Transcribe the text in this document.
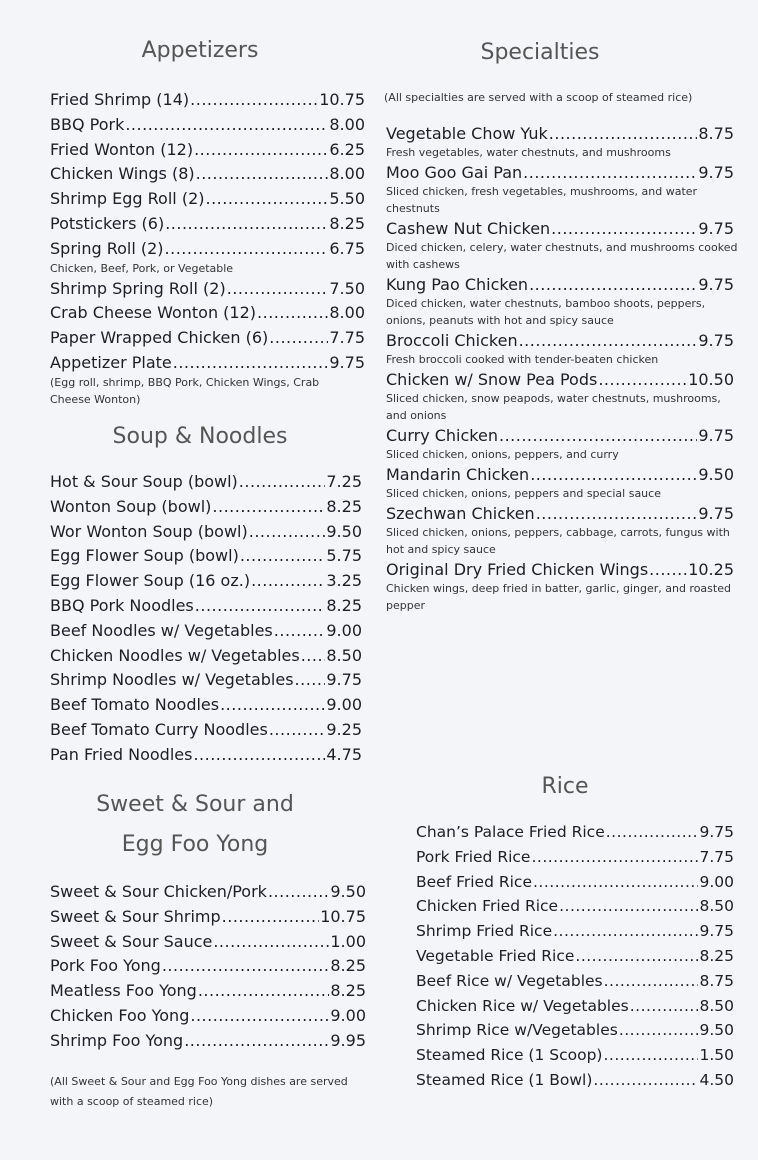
Appetizers
Fried Shrimp (14) .....	10.75
BBQ Pork .....	8.00
Fried Wonton (12) .....	6.25
Chicken Wings (8) .....	8.00
Shrimp Egg Roll (2) .....	5.50
Potstickers (6) .....	8.25
Spring Roll (2) .....	6.75
Chicken, Beef, Pork, or Vegetable
Shrimp Spring Roll (2) .....	7.50
Crab Cheese Wonton (12) .....	8.00
Paper Wrapped Chicken (6) .....	7.75
Appetizer Plate .....	9.75
(Egg roll, shrimp, BBQ Pork, Chicken Wings, Crab Cheese Wonton)
Soup & Noodles
Hot & Sour Soup (bowl) .....	7.25
Wonton Soup (bowl) .....	8.25
Wor Wonton Soup (bowl) .....	9.50
Egg Flower Soup (bowl) .....	5.75
Egg Flower Soup (16 oz.) .....	3.25
BBQ Pork Noodles .....	8.25
Beef Noodles w/ Vegetables .....	9.00
Chicken Noodles w/ Vegetables ..... 8.50
Shrimp Noodles w/ Vegetables ..... 9.75
Beef Tomato Noodles .....	9.00
Beef Tomato Curry Noodles .....	9.25
Pan Fried Noodles .....	4.75
Sweet & Sour and
Egg Foo Yong
Sweet & Sour Chicken/Pork .....	9.50
Sweet & Sour Shrimp .....	10.75
Sweet & Sour Sauce .....	1.00
Pork Foo Yong .....	8.25
Meatless Foo Yong .....	8.25
Chicken Foo Yong .....	9.00
Shrimp Foo Yong .....	9.95
(All Sweet & Sour and Egg Foo Yong dishes are served with a scoop of steamed rice)
Specialties
(All specialties are served with a scoop of steamed rice)
Vegetable Chow Yuk .....	8.75
Fresh vegetables, water chestnuts, and mushrooms
Moo Goo Gai Pan .....	9.75
Sliced chicken, fresh vegetables, mushrooms, and water chestnuts
Cashew Nut Chicken .....	9.75
Diced chicken, celery, water chestnuts, and mushrooms cooked with cashews
Kung Pao Chicken .....	9.75
Diced chicken, water chestnuts, bamboo shoots, peppers, onions, peanuts with hot and spicy sauce
Broccoli Chicken .....	9.75
Fresh broccoli cooked with tender-beaten chicken
Chicken w/ Snow Pea Pods .....	10.50
Sliced chicken, snow peapods, water chestnuts, mushrooms, and onions
Curry Chicken .....	9.75
Sliced chicken, onions, peppers, and curry
Mandarin Chicken .....	9.50
Sliced chicken, onions, peppers and special sauce
Szechwan Chicken .....	9.75
Sliced chicken, onions, peppers, cabbage, carrots, fungus with hot and spicy sauce
Original Dry Fried Chicken Wings .....	10.25
Chicken wings, deep fried in batter, garlic, ginger, and roasted pepper
Rice
Chan’s Palace Fried Rice .....	9.75
Pork Fried Rice .....	7.75
Beef Fried Rice .....	9.00
Chicken Fried Rice .....	8.50
Shrimp Fried Rice .....	9.75
Vegetable Fried Rice .....	8.25
Beef Rice w/ Vegetables .....	8.75
Chicken Rice w/ Vegetables .....	8.50
Shrimp Rice w/Vegetables .....	9.50
Steamed Rice (1 Scoop) .....	1.50
Steamed Rice (1 Bowl) .....	4.50
